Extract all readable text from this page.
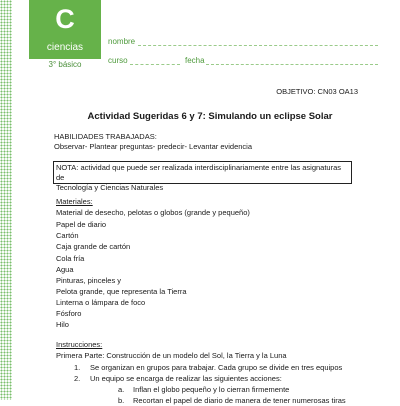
C
ciencias
3° básico
nombre
curso	fecha
OBJETIVO: CN03 OA13
Actividad Sugeridas 6 y 7: Simulando un eclipse Solar
HABILIDADES TRABAJADAS:
Observar- Plantear preguntas- predecir- Levantar evidencia
NOTA: actividad que puede ser realizada interdisciplinariamente entre las asignaturas de
Tecnología y Ciencias Naturales
Materiales:
Material de desecho, pelotas o globos (grande y pequeño)
Papel de diario
Cartón
Caja grande de cartón
Cola fría
Agua
Pinturas, pinceles y
Pelota grande, que representa la Tierra
Linterna o lámpara de foco
Fósforo
Hilo
Instrucciones:
Primera Parte: Construcción de un modelo del Sol, la Tierra y la Luna
1. Se organizan en grupos para trabajar. Cada grupo se divide en tres equipos
2. Un equipo se encarga de realizar las siguientes acciones:
a. Inflan el globo pequeño y lo cierran firmemente
b. Recortan el papel de diario de manera de tener numerosas tiras
